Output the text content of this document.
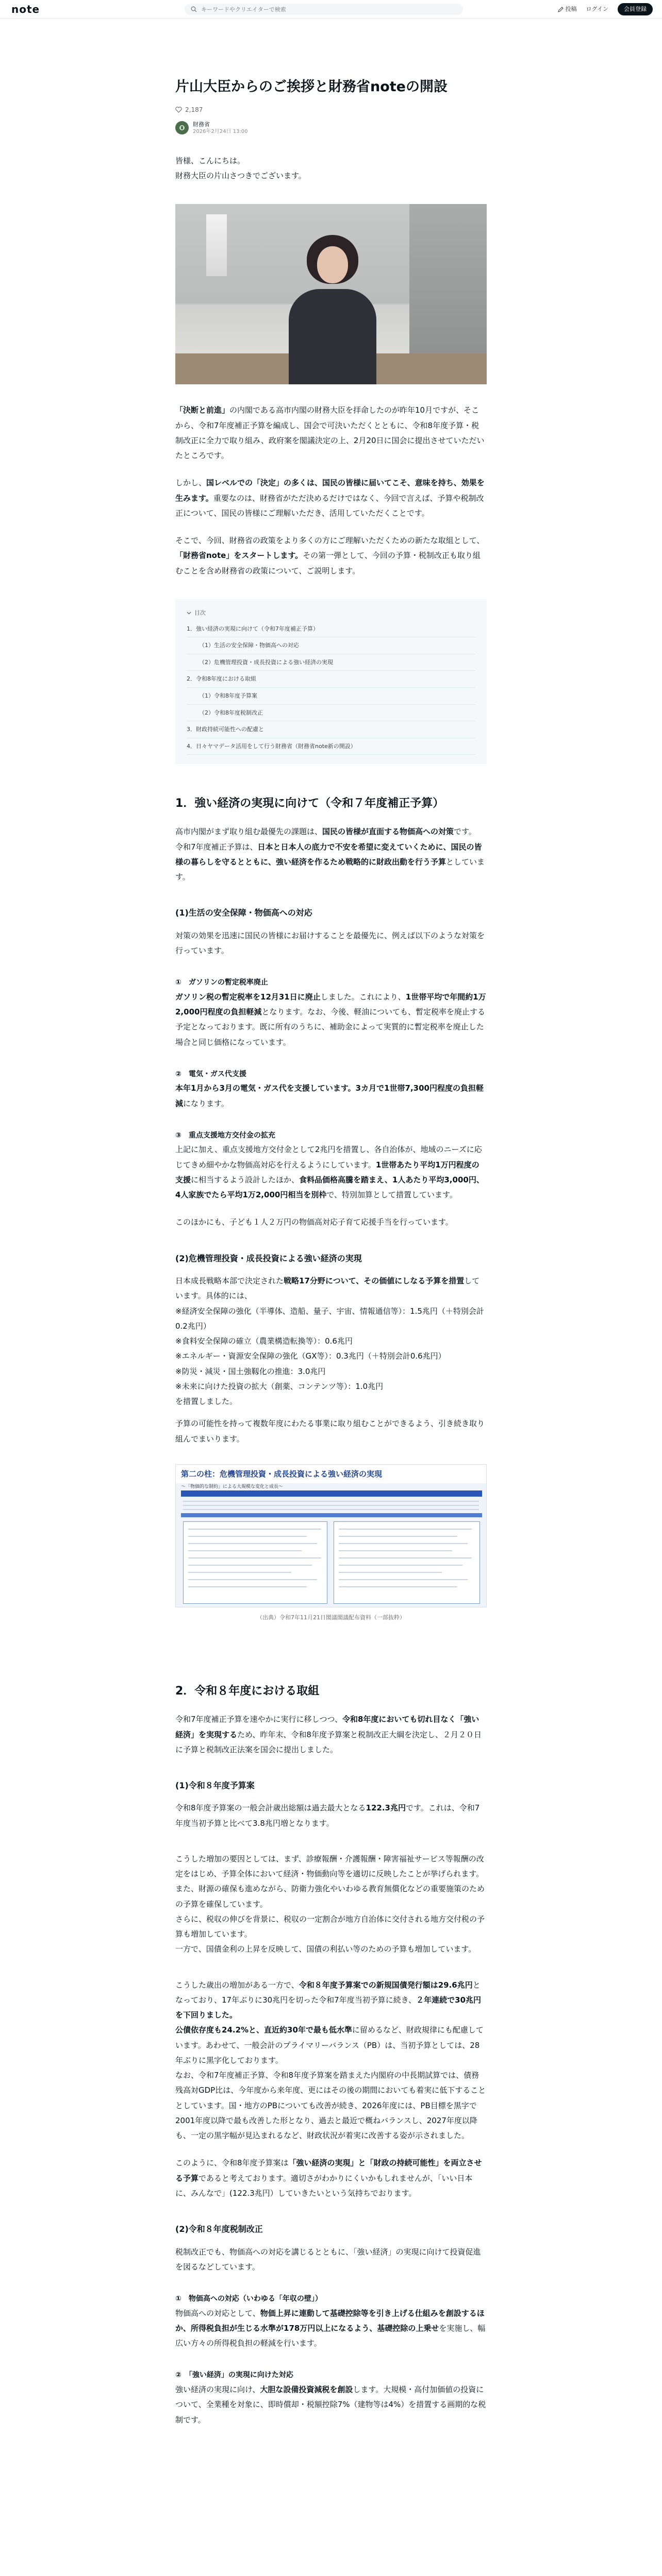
note
キーワードやクリエイターで検索	投稿 ログイン	会員登録
片山大臣からのご挨拶と財務省noteの開設
2,187
財務省
2026年2月24日 13:00

皆様、こんにちは。
財務大臣の片山さつきでございます。

「決断と前進」の内閣である高市内閣の財務大臣を拝命したのが昨年10月ですが、そこから、令和7年度補正予算を編成し、国会で可決いただくとともに、令和8年度予算・税制改正に全力で取り組み、政府案を閣議決定の上、2月20日に国会に提出させていただいたところです。

しかし、国レベルでの「決定」の多くは、国民の皆様に届いてこそ、意味を持ち、効果を生みます。重要なのは、財務省がただ決めるだけではなく、今回で言えば、予算や税制改正について、国民の皆様にご理解いただき、活用していただくことです。

そこで、今回、財務省の政策をより多くの方にご理解いただくための新たな取組として、「財務省note」をスタートします。その第一弾として、今回の予算・税制改正も取り組むことを含め財務省の政策について、ご説明します。

目次
1．強い経済の実現に向けて（令和7年度補正予算）
（1）生活の安全保障・物価高への対応
（2）危機管理投資・成長投資による強い経済の実現
2．令和8年度における取組
（1）令和8年度予算案
（2）令和8年度税制改正
3．財政持続可能性への配慮と
4．日々ヤマデータ活用をして行う財務省（財務省note新の開設）
1．強い経済の実現に向けて（令和７年度補正予算）

高市内閣がまず取り組む最優先の課題は、国民の皆様が直面する物価高への対策です。

令和7年度補正予算は、日本と日本人の底力で不安を希望に変えていくために、国民の皆様の暮らしを守るとともに、強い経済を作るため戦略的に財政出動を行う予算としています。

(1)生活の安全保障・物価高への対応

対策の効果を迅速に国民の皆様にお届けすることを最優先に、例えば以下のような対策を行っています。

①　ガソリンの暫定税率廃止

ガソリン税の暫定税率を12月31日に廃止しました。これにより、1世帯平均で年間約1万2,000円程度の負担軽減となります。なお、今後、軽油についても、暫定税率を廃止する予定となっております。既に所有のうちに、補助金によって実質的に暫定税率を廃止した場合と同じ価格になっています。

②　電気・ガス代支援

本年1月から3月の電気・ガス代を支援しています。3カ月で1世帯7,300円程度の負担軽減になります。

③　重点支援地方交付金の拡充

上記に加え、重点支援地方交付金として2兆円を措置し、各自治体が、地域のニーズに応じてきめ細やかな物価高対応を行えるようにしています。1世帯あたり平均1万円程度の支援に相当するよう設計したほか、食料品価格高騰を踏まえ、1人あたり平均3,000円、4人家族でたら平均1万2,000円相当を別枠で、特別加算として措置しています。

このほかにも、子ども１人２万円の物価高対応子育て応援手当を行っています。

(2)危機管理投資・成長投資による強い経済の実現

日本成長戦略本部で決定された戦略17分野について、その価値にしなる予算を措置しています。具体的には、

※経済安全保障の強化（半導体、造船、量子、宇宙、情報通信等）：1.5兆円（＋特別会計0.2兆円）
※食料安全保障の確立（農業構造転換等）：0.6兆円
※エネルギー・資源安全保障の強化（GX等）：0.3兆円（＋特別会計0.6兆円）
※防災・減災・国土強靱化の推進：3.0兆円
※未来に向けた投資の拡大（創薬、コンテンツ等）：1.0兆円

を措置しました。

予算の可能性を持って複数年度にわたる事業に取り組むことができるよう、引き続き取り組んでまいります。

第二の柱：危機管理投資・成長投資による強い経済の実現
～「物価的な制約」による大規模な変化と成長～
（出典）令和7年11月21日閣議閣議配布資料（一部抜粋）
2．令和８年度における取組

令和7年度補正予算を速やかに実行に移しつつ、令和8年度においても切れ目なく「強い経済」を実現するため、昨年末、令和8年度予算案と税制改正大綱を決定し、２月２０日に予算と税制改正法案を国会に提出しました。

(1)令和８年度予算案

令和8年度予算案の一般会計歳出総額は過去最大となる122.3兆円です。これは、令和7年度当初予算と比べて3.8兆円増となります。

こうした増加の要因としては、まず、診療報酬・介護報酬・障害福祉サービス等報酬の改定をはじめ、予算全体において経済・物価動向等を適切に反映したことが挙げられます。

また、財源の確保も進めながら、防衛力強化やいわゆる教育無償化などの重要施策のための予算を確保しています。

さらに、税収の伸びを背景に、税収の一定割合が地方自治体に交付される地方交付税の予算も増加しています。

一方で、国債金利の上昇を反映して、国債の利払い等のための予算も増加しています。

こうした歳出の増加がある一方で、令和８年度予算案での新規国債発行額は29.6兆円となっており、17年ぶりに30兆円を切った令和7年度当初予算に続き、２年連続で30兆円を下回りました。

公債依存度も24.2%と、直近約30年で最も低水準に留めるなど、財政規律にも配慮しています。あわせて、一般会計のプライマリーバランス（PB）は、当初予算としては、28年ぶりに黒字化しております。

なお、令和7年度補正予算、令和8年度予算案を踏まえた内閣府の中長期試算では、債務残高対GDP比は、今年度から来年度、更にはその後の期間においても着実に低下することとしています。国・地方のPBについても改善が続き、2026年度には、PB目標を黒字で2001年度以降で最も改善した形となり、過去と最近で概ねバランスし、2027年度以降も、一定の黒字幅が見込まれるなど、財政状況が着実に改善する姿が示されました。

このように、令和8年度予算案は「強い経済の実現」と「財政の持続可能性」を両立させる予算であると考えております。適切さがわかりにくいかもしれませんが、「いい日本に、みんなで」(122.3兆円）していきたいという気持ちでおります。

(2)令和８年度税制改正

税制改正でも、物価高への対応を講じるとともに、「強い経済」の実現に向けて投資促進を図るなどしています。

①　物価高への対応（いわゆる「年収の壁」）

物価高への対応として、物価上昇に連動して基礎控除等を引き上げる仕組みを創設するほか、所得税負担が生じる水準が178万円以上になるよう、基礎控除の上乗せを実施し、幅広い方々の所得税負担の軽減を行います。

②　「強い経済」の実現に向けた対応

強い経済の実現に向け、大胆な設備投資減税を創設します。大規模・高付加価値の投資について、全業種を対象に、即時償却・税額控除7%（建物等は4%）を措置する画期的な税制です。
